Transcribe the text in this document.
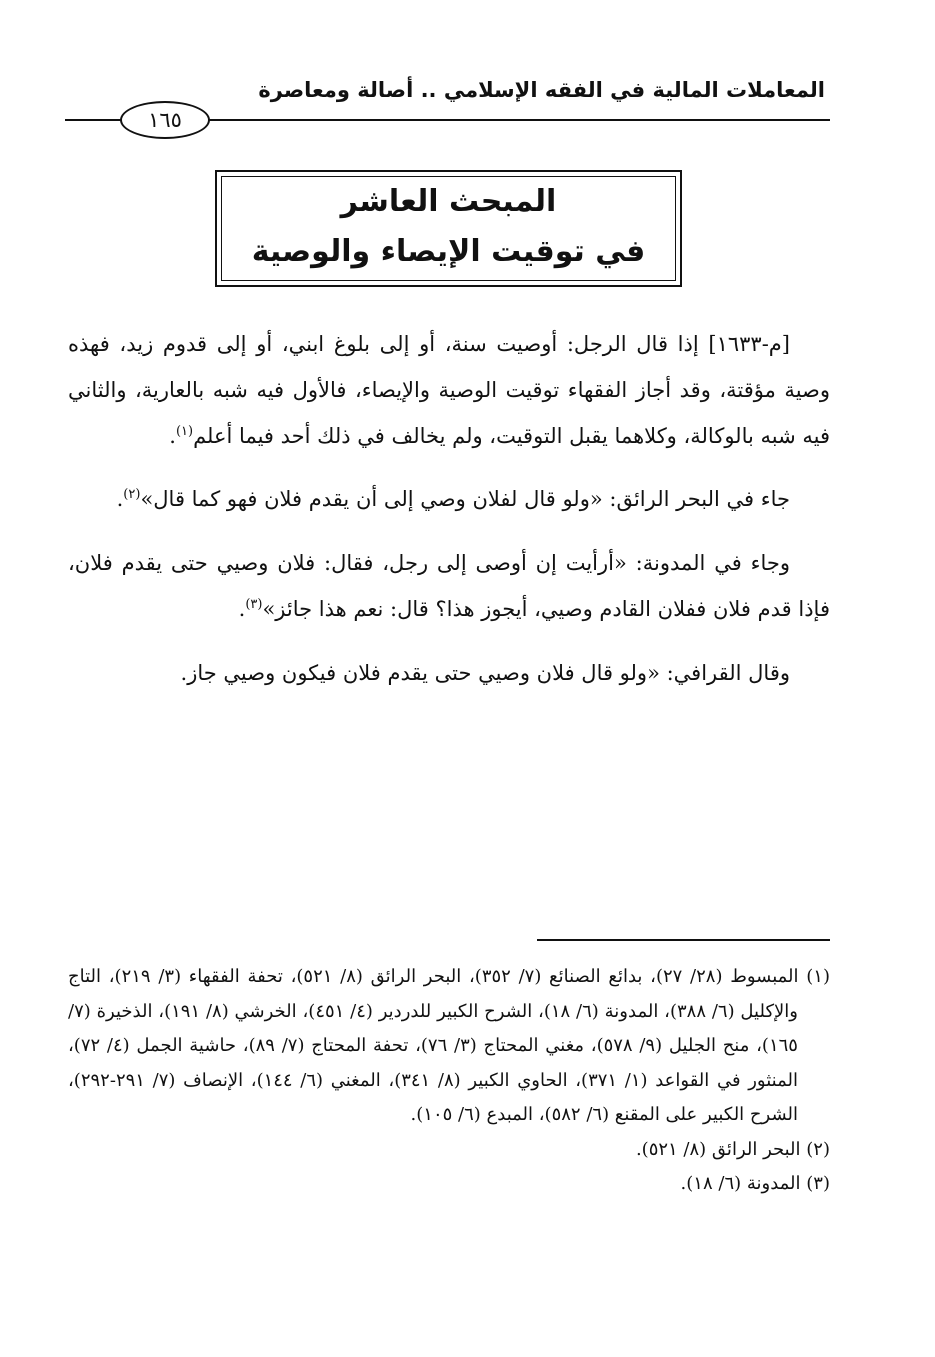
المعاملات المالية في الفقه الإسلامي .. أصالة ومعاصرة
١٦٥
المبحث العاشر
في توقيت الإيصاء والوصية

[م-١٦٣٣] إذا قال الرجل: أوصيت سنة، أو إلى بلوغ ابني، أو إلى قدوم زيد، فهذه وصية مؤقتة، وقد أجاز الفقهاء توقيت الوصية والإيصاء، فالأول فيه شبه بالعارية، والثاني فيه شبه بالوكالة، وكلاهما يقبل التوقيت، ولم يخالف في ذلك أحد فيما أعلم$^{(١)}$.

جاء في البحر الرائق: «ولو قال لفلان وصي إلى أن يقدم فلان فهو كما قال»$^{(٢)}$.

وجاء في المدونة: «أرأيت إن أوصى إلى رجل، فقال: فلان وصيي حتى يقدم فلان، فإذا قدم فلان ففلان القادم وصيي، أيجوز هذا؟ قال: نعم هذا جائز»$^{(٣)}$.

وقال القرافي: «ولو قال فلان وصيي حتى يقدم فلان فيكون وصيي جاز.

(١) المبسوط (٢٨/ ٢٧)، بدائع الصنائع (٧/ ٣٥٢)، البحر الرائق (٨/ ٥٢١)، تحفة الفقهاء (٣/ ٢١٩)، التاج والإكليل (٦/ ٣٨٨)، المدونة (٦/ ١٨)، الشرح الكبير للدردير (٤/ ٤٥١)، الخرشي (٨/ ١٩١)، الذخيرة (٧/ ١٦٥)، منح الجليل (٩/ ٥٧٨)، مغني المحتاج (٣/ ٧٦)، تحفة المحتاج (٧/ ٨٩)، حاشية الجمل (٤/ ٧٢)، المنثور في القواعد (١/ ٣٧١)، الحاوي الكبير (٨/ ٣٤١)، المغني (٦/ ١٤٤)، الإنصاف (٧/ ٢٩١-٢٩٢)، الشرح الكبير على المقنع (٦/ ٥٨٢)، المبدع (٦/ ١٠٥).

(٢) البحر الرائق (٨/ ٥٢١).

(٣) المدونة (٦/ ١٨).
